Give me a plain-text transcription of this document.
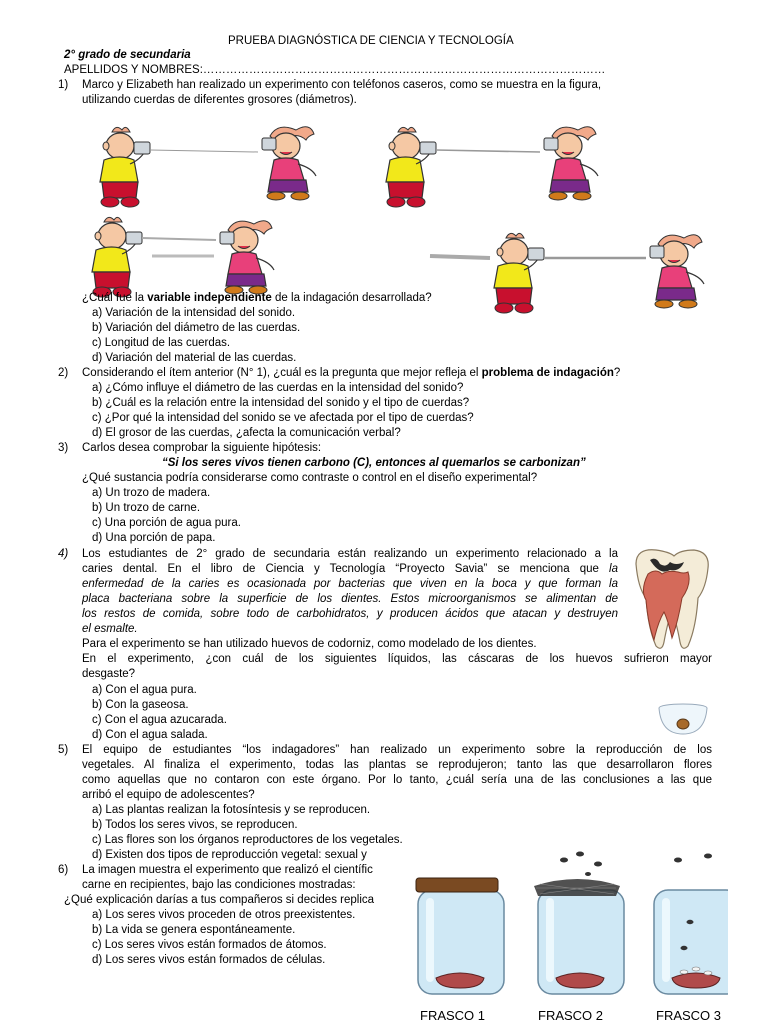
PRUEBA DIAGNÓSTICA DE CIENCIA Y TECNOLOGÍA
2° grado de secundaria
APELLIDOS Y NOMBRES:……………………………………………………………………………………………
1) Marco y Elizabeth han realizado un experimento con teléfonos caseros, como se muestra en la figura,
utilizando cuerdas de diferentes grosores (diámetros).
¿Cuál fue la variable independiente de la indagación desarrollada?
a) Variación de la intensidad del sonido.
b) Variación del diámetro de las cuerdas.
c) Longitud de las cuerdas.
d) Variación del material de las cuerdas.
2) Considerando el ítem anterior (N° 1), ¿cuál es la pregunta que mejor refleja el problema de indagación?
a) ¿Cómo influye el diámetro de las cuerdas en la intensidad del sonido?
b) ¿Cuál es la relación entre la intensidad del sonido y el tipo de cuerdas?
c) ¿Por qué la intensidad del sonido se ve afectada por el tipo de cuerdas?
d) El grosor de las cuerdas, ¿afecta la comunicación verbal?
3) Carlos desea comprobar la siguiente hipótesis:
“Si los seres vivos tienen carbono (C), entonces al quemarlos se carbonizan”
¿Qué sustancia podría considerarse como contraste o control en el diseño experimental?
a) Un trozo de madera.
b) Un trozo de carne.
c) Una porción de agua pura.
d) Una porción de papa.
4) Los estudiantes de 2° grado de secundaria están realizando un experimento relacionado a la
caries dental. En el libro de Ciencia y Tecnología “Proyecto Savia” se menciona que la
enfermedad de la caries es ocasionada por bacterias que viven en la boca y que forman la
placa bacteriana sobre la superficie de los dientes. Estos microorganismos se alimentan de
los restos de comida, sobre todo de carbohidratos, y producen ácidos que atacan y destruyen
el esmalte.
Para el experimento se han utilizado huevos de codorniz, como modelado de los dientes.
En el experimento, ¿con cuál de los siguientes líquidos, las cáscaras de los huevos sufrieron mayor
desgaste?
a) Con el agua pura.
b) Con la gaseosa.
c) Con el agua azucarada.
d) Con el agua salada.
5) El equipo de estudiantes “los indagadores” han realizado un experimento sobre la reproducción de los
vegetales. Al finaliza el experimento, todas las plantas se reprodujeron; tanto las que desarrollaron flores
como aquellas que no contaron con este órgano. Por lo tanto, ¿cuál sería una de las conclusiones a las que
arribó el equipo de adolescentes?
a) Las plantas realizan la fotosíntesis y se reproducen.
b) Todos los seres vivos, se reproducen.
c) Las flores son los órganos reproductores de los vegetales.
d) Existen dos tipos de reproducción vegetal: sexual y
6) La imagen muestra el experimento que realizó el científic
carne en recipientes, bajo las condiciones mostradas:
¿Qué explicación darías a tus compañeros si decides replica
a) Los seres vivos proceden de otros preexistentes.
b) La vida se genera espontáneamente.
c) Los seres vivos están formados de átomos.
d) Los seres vivos están formados de células.
FRASCO 1	FRASCO 2	FRASCO 3
